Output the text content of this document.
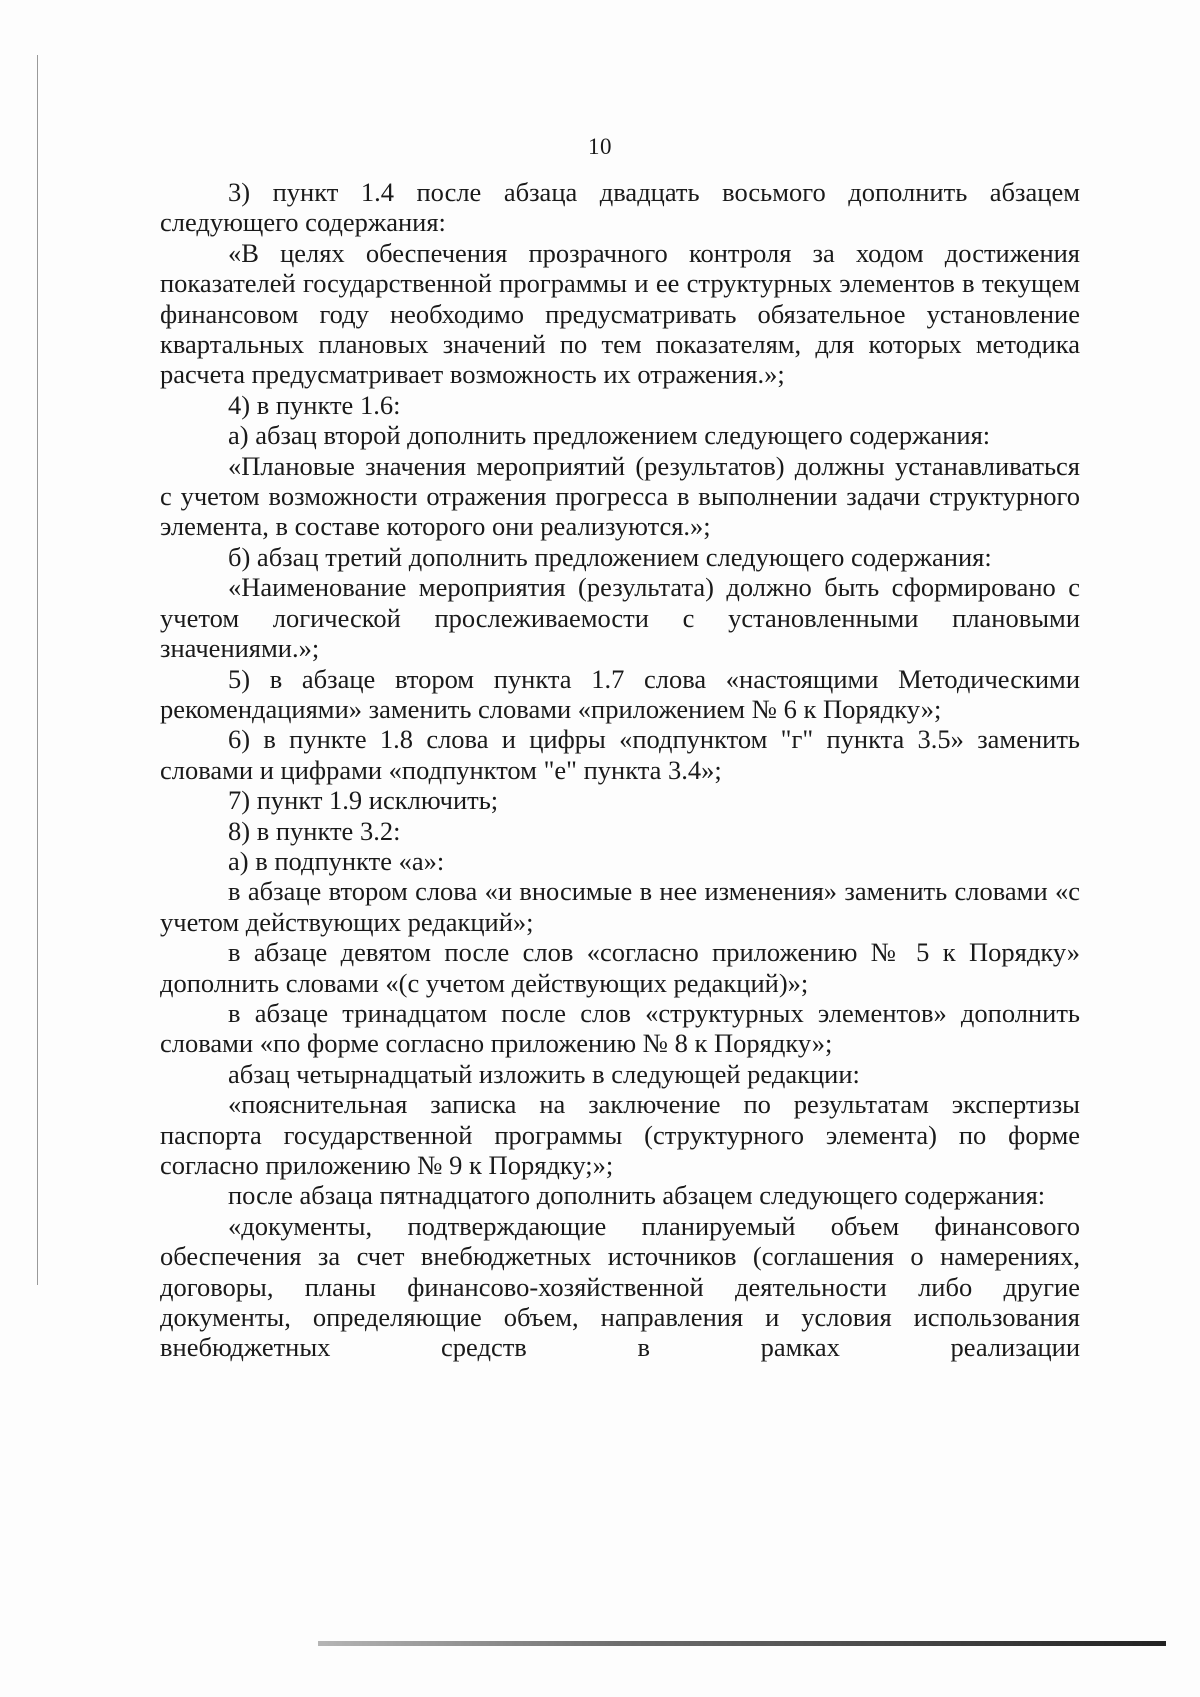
10

3) пункт 1.4 после абзаца двадцать восьмого дополнить абзацем следующего содержания:

«В целях обеспечения прозрачного контроля за ходом достижения показателей государственной программы и ее структурных элементов в текущем финансовом году необходимо предусматривать обязательное установление квартальных плановых значений по тем показателям, для которых методика расчета предусматривает возможность их отражения.»;

4) в пункте 1.6:

а) абзац второй дополнить предложением следующего содержания:

«Плановые значения мероприятий (результатов) должны устанавливаться с учетом возможности отражения прогресса в выполнении задачи структурного элемента, в составе которого они реализуются.»;

б) абзац третий дополнить предложением следующего содержания:

«Наименование мероприятия (результата) должно быть сформировано с учетом логической прослеживаемости с установленными плановыми значениями.»;

5) в абзаце втором пункта 1.7 слова «настоящими Методическими рекомендациями» заменить словами «приложением № 6 к Порядку»;

6) в пункте 1.8 слова и цифры «подпунктом "г" пункта 3.5» заменить словами и цифрами «подпунктом "е" пункта 3.4»;

7) пункт 1.9 исключить;

8) в пункте 3.2:

а) в подпункте «а»:

в абзаце втором слова «и вносимые в нее изменения» заменить словами «с учетом действующих редакций»;

в абзаце девятом после слов «согласно приложению № 5 к Порядку» дополнить словами «(с учетом действующих редакций)»;

в абзаце тринадцатом после слов «структурных элементов» дополнить словами «по форме согласно приложению № 8 к Порядку»;

абзац четырнадцатый изложить в следующей редакции:

«пояснительная записка на заключение по результатам экспертизы паспорта государственной программы (структурного элемента) по форме согласно приложению № 9 к Порядку;»;

после абзаца пятнадцатого дополнить абзацем следующего содержания:

«документы, подтверждающие планируемый объем финансового обеспечения за счет внебюджетных источников (соглашения о намерениях, договоры, планы финансово-хозяйственной деятельности либо другие документы, определяющие объем, направления и условия использования внебюджетных средств в рамках реализации
